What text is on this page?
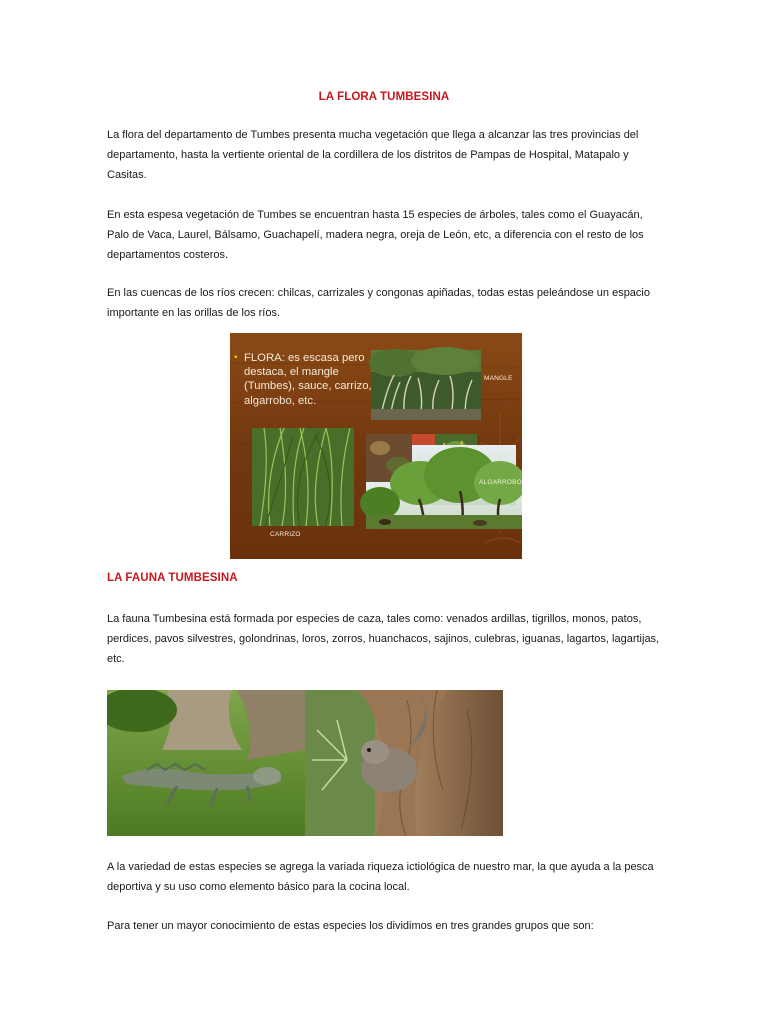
LA FLORA TUMBESINA

La flora del departamento de Tumbes presenta mucha vegetación que llega a alcanzar las tres provincias del departamento, hasta la vertiente oriental de la cordillera de los distritos de Pampas de Hospital, Matapalo y Casitas.

En esta espesa vegetación de Tumbes se encuentran hasta 15 especies de árboles, tales como el Guayacán, Palo de Vaca, Laurel, Bálsamo, Guachapelí, madera negra, oreja de León, etc, a diferencia con el resto de los departamentos costeros.

En las cuencas de los ríos crecen: chilcas, carrizales y congonas apiñadas, todas estas peleándose un espacio importante en las orillas de los ríos.

▪ FLORA: es escasa pero destaca, el mangle (Tumbes), sauce, carrizo, algarrobo, etc.
MANGLE
ALGARROBO
CARRIZO
LA FAUNA TUMBESINA

La fauna Tumbesina está formada por especies de caza, tales como: venados ardillas, tigrillos, monos, patos, perdices, pavos silvestres, golondrinas, loros, zorros, huanchacos, sajinos, culebras, iguanas, lagartos, lagartijas, etc.

A la variedad de estas especies se agrega la variada riqueza ictiológica de nuestro mar, la que ayuda a la pesca deportiva y su uso como elemento básico para la cocina local.

Para tener un mayor conocimiento de estas especies los dividimos en tres grandes grupos que son:
